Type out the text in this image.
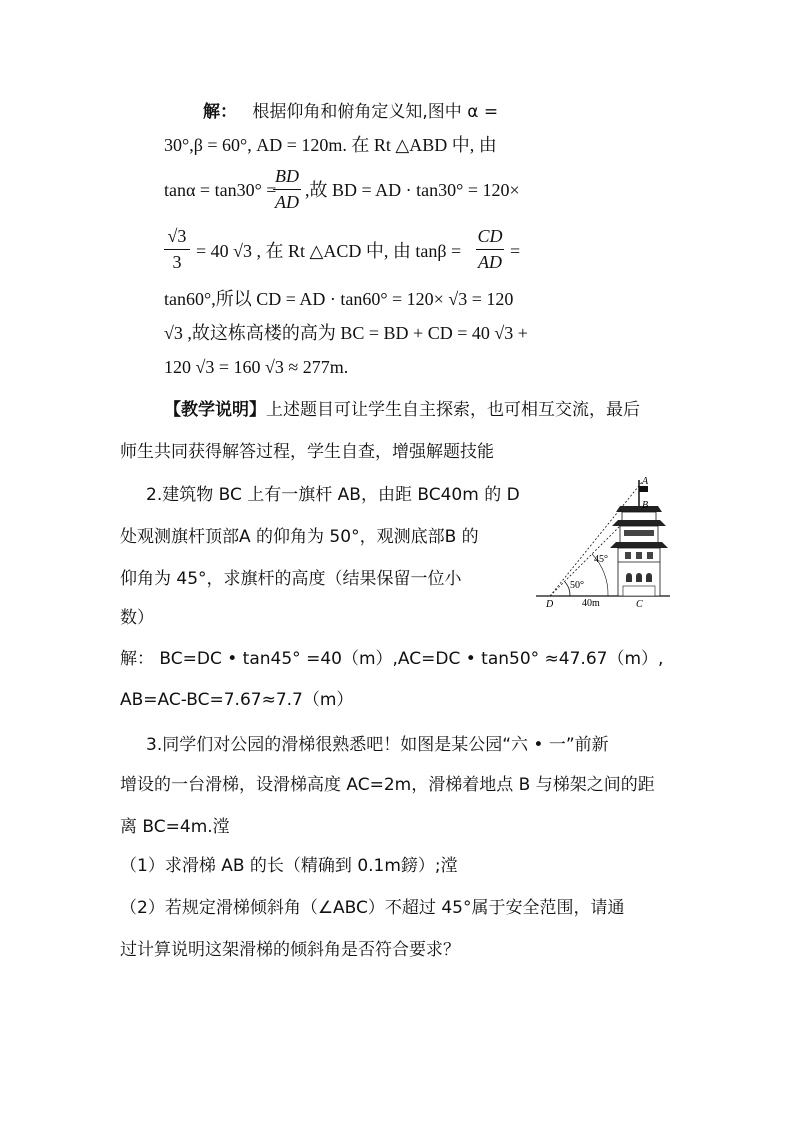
解： 根据仰角和俯角定义知,图中 α =
30°,β = 60°, AD = 120m. 在 Rt △ABD 中, 由
tanα = tan30° =
BD
AD
,故 BD = AD · tan30° = 120×
√3
3
= 40 √3 , 在 Rt △ACD 中, 由 tanβ =
CD
AD
=
tan60°,所以 CD = AD · tan60° = 120× √3 = 120
√3 ,故这栋高楼的高为 BC = BD + CD = 40 √3 +
120 √3 = 160 √3 ≈ 277m.
【教学说明】上述题目可让学生自主探索，也可相互交流，最后
师生共同获得解答过程，学生自查，增强解题技能
2.建筑物 BC 上有一旗杆 AB，由距 BC40m 的 D
处观测旗杆顶部A 的仰角为 50°，观测底部B 的
仰角为 45°，求旗杆的高度（结果保留一位小
数）
A
B
C
D
45°
50°
40m
解： BC=DC • tan45° =40（m）,AC=DC • tan50° ≈47.67（m）,
AB=AC-BC=7.67≈7.7（m）
3.同学们对公园的滑梯很熟悉吧！如图是某公园“六 • 一”前新
增设的一台滑梯，设滑梯高度 AC=2m，滑梯着地点 B 与梯架之间的距
离 BC=4m.漟
（1）求滑梯 AB 的长（精确到 0.1m鎊）;漟
（2）若规定滑梯倾斜角（∠ABC）不超过 45°属于安全范围，请通
过计算说明这架滑梯的倾斜角是否符合要求？
